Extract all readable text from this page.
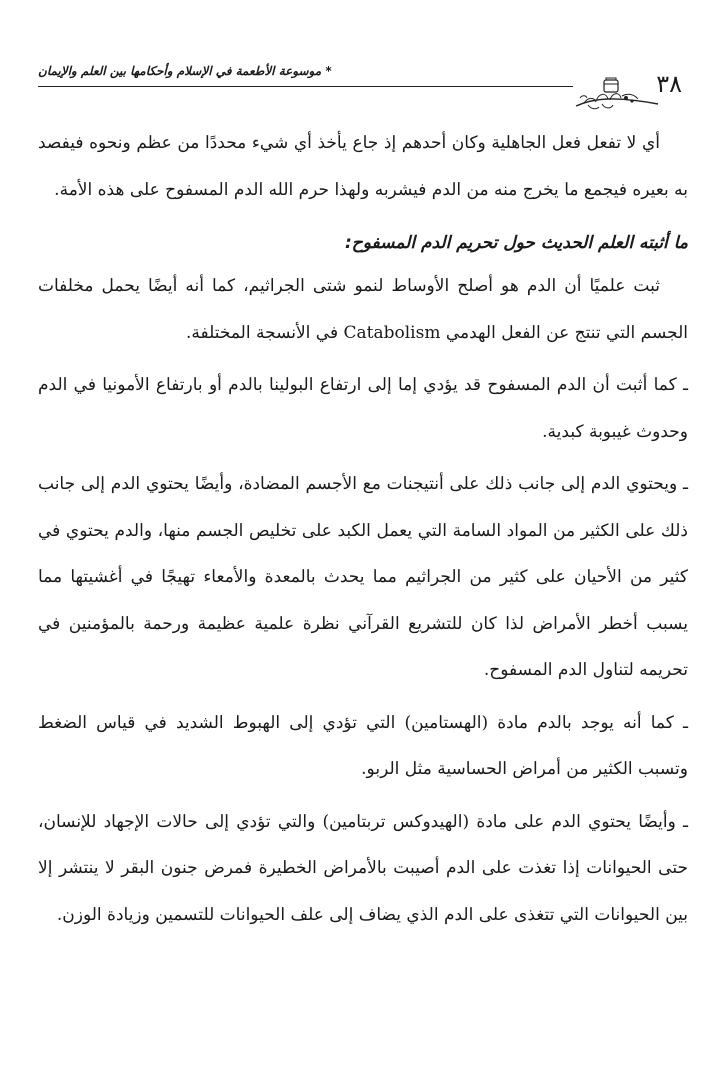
* موسوعة الأطعمة في الإسلام وأحكامها بين العلم والإيمان	٣٨

أي لا تفعل فعل الجاهلية وكان أحدهم إذ جاع يأخذ أي شيء محددًا من عظم ونحوه فيفصد به بعيره فيجمع ما يخرج منه من الدم فيشربه ولهذا حرم الله الدم المسفوح على هذه الأمة.

ما أثبته العلم الحديث حول تحريم الدم المسفوح:

ثبت علميًا أن الدم هو أصلح الأوساط لنمو شتى الجراثيم، كما أنه أيضًا يحمل مخلفات الجسم التي تنتج عن الفعل الهدمي Catabolism في الأنسجة المختلفة.

ـ كما أثبت أن الدم المسفوح قد يؤدي إما إلى ارتفاع البولينا بالدم أو بارتفاع الأمونيا في الدم وحدوث غيبوبة كبدية.

ـ ويحتوي الدم إلى جانب ذلك على أنتيجنات مع الأجسم المضادة، وأيضًا يحتوي الدم إلى جانب ذلك على الكثير من المواد السامة التي يعمل الكبد على تخليص الجسم منها، والدم يحتوي في كثير من الأحيان على كثير من الجراثيم مما يحدث بالمعدة والأمعاء تهيجًا في أغشيتها مما يسبب أخطر الأمراض لذا كان للتشريع القرآني نظرة علمية عظيمة ورحمة بالمؤمنين في تحريمه لتناول الدم المسفوح.

ـ كما أنه يوجد بالدم مادة (الهستامين) التي تؤدي إلى الهبوط الشديد في قياس الضغط وتسبب الكثير من أمراض الحساسية مثل الربو.

ـ وأيضًا يحتوي الدم على مادة (الهيدوكس تربتامين) والتي تؤدي إلى حالات الإجهاد للإنسان، حتى الحيوانات إذا تغذت على الدم أصيبت بالأمراض الخطيرة فمرض جنون البقر لا ينتشر إلا بين الحيوانات التي تتغذى على الدم الذي يضاف إلى علف الحيوانات للتسمين وزيادة الوزن.
